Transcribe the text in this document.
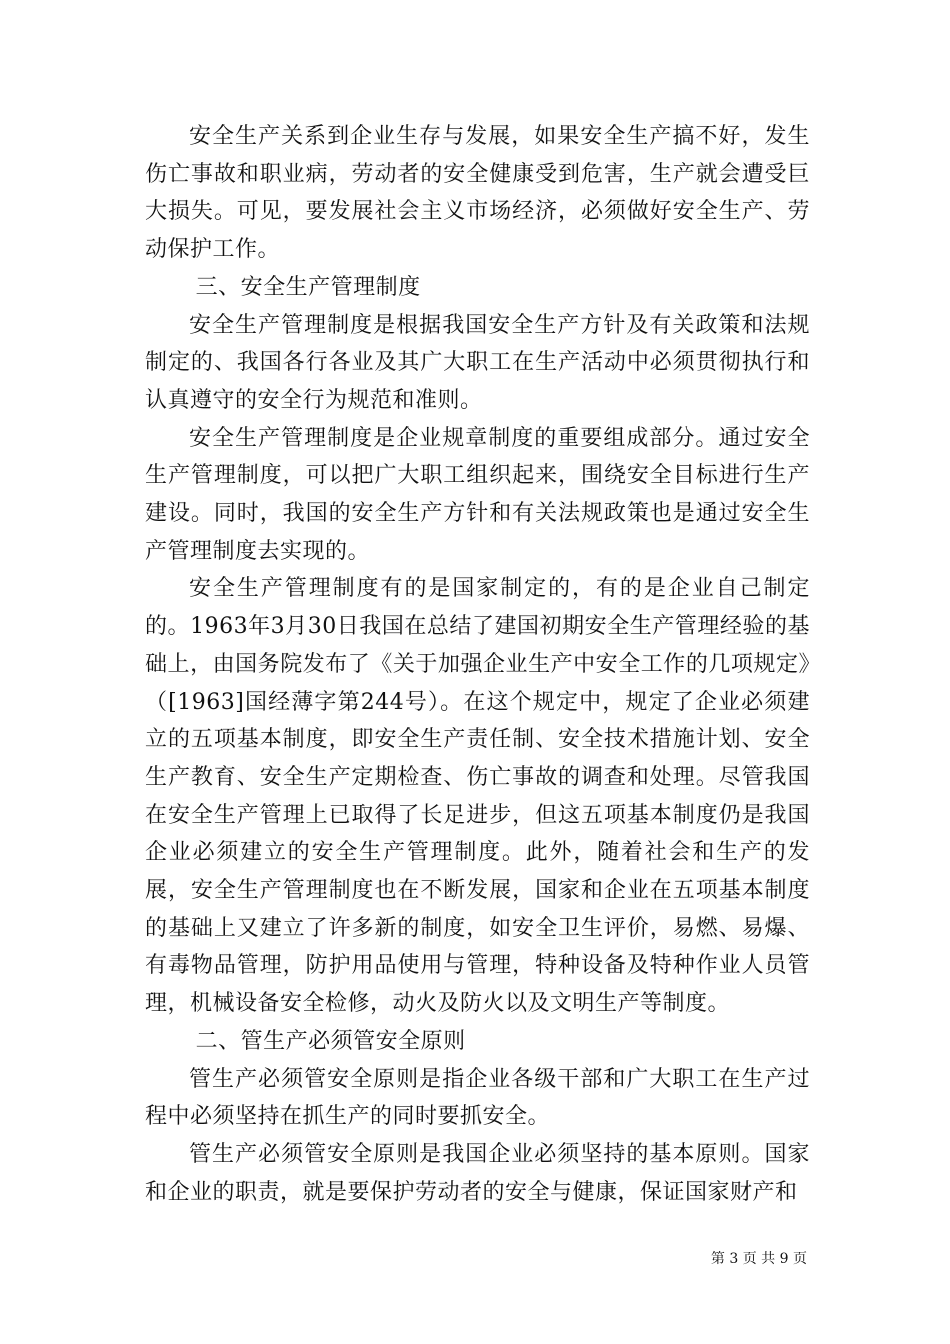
安全生产关系到企业生存与发展，如果安全生产搞不好，发生伤亡事故和职业病，劳动者的安全健康受到危害，生产就会遭受巨大损失。可见，要发展社会主义市场经济，必须做好安全生产、劳动保护工作。

三、安全生产管理制度

安全生产管理制度是根据我国安全生产方针及有关政策和法规制定的、我国各行各业及其广大职工在生产活动中必须贯彻执行和认真遵守的安全行为规范和准则。

安全生产管理制度是企业规章制度的重要组成部分。通过安全生产管理制度，可以把广大职工组织起来，围绕安全目标进行生产建设。同时，我国的安全生产方针和有关法规政策也是通过安全生产管理制度去实现的。

安全生产管理制度有的是国家制定的，有的是企业自己制定的。1963年3月30日我国在总结了建国初期安全生产管理经验的基础上，由国务院发布了《关于加强企业生产中安全工作的几项规定》（[1963]国经薄字第244号）。在这个规定中，规定了企业必须建立的五项基本制度，即安全生产责任制、安全技术措施计划、安全生产教育、安全生产定期检查、伤亡事故的调查和处理。尽管我国在安全生产管理上已取得了长足进步，但这五项基本制度仍是我国企业必须建立的安全生产管理制度。此外，随着社会和生产的发展，安全生产管理制度也在不断发展，国家和企业在五项基本制度的基础上又建立了许多新的制度，如安全卫生评价，易燃、易爆、有毒物品管理，防护用品使用与管理，特种设备及特种作业人员管理，机械设备安全检修，动火及防火以及文明生产等制度。

二、管生产必须管安全原则

管生产必须管安全原则是指企业各级干部和广大职工在生产过程中必须坚持在抓生产的同时要抓安全。

管生产必须管安全原则是我国企业必须坚持的基本原则。国家和企业的职责，就是要保护劳动者的安全与健康，保证国家财产和

第 3 页 共 9 页
